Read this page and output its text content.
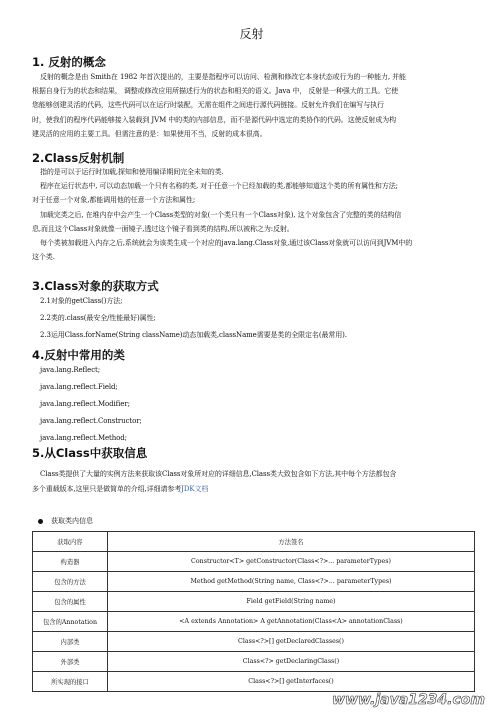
反射
1. 反射的概念
反射的概念是由 Smith在 1982 年首次提出的，主要是指程序可以访问、检测和修改它本身状态或行为的一种能力, 并能
根据自身行为的状态和结果， 调整或修改应用所描述行为的状态和相关的语义。Java 中， 反射是一种强大的工具。它使
您能够创建灵活的代码，这些代码可以在运行时装配，无需在组件之间进行源代码链接。反射允许我们在编写与执行
时，使我们的程序代码能够接入装载到 JVM 中的类的内部信息，而不是源代码中选定的类协作的代码。这使反射成为构
建灵活的应用的主要工具。但需注意的是：如果使用不当，反射的成本很高。
2.Class反射机制
指的是可以于运行时加载,探知和使用编译期间完全未知的类.
程序在运行状态中, 可以动态加载一个只有名称的类, 对于任意一个已经加载的类,都能够知道这个类的所有属性和方法;
对于任意一个对象,都能调用他的任意一个方法和属性;
加载完类之后, 在堆内存中会产生一个Class类型的对象(一个类只有一个Class对象), 这个对象包含了完整的类的结构信
息,而且这个Class对象就像一面镜子,透过这个镜子看到类的结构,所以被称之为:反射。
每个类被加载进入内存之后,系统就会为该类生成一个对应的java.lang.Class对象,通过该Class对象就可以访问到JVM中的
这个类.
3.Class对象的获取方式
2.1对象的getClass()方法;
2.2类的.class(最安全/性能最好)属性;
2.3运用Class.forName(String className)动态加载类,className需要是类的全限定名(最常用).
4.反射中常用的类
java.lang.Reflect;
java.lang.reflect.Field;
java.lang.reflect.Modifier;
java.lang.reflect.Constructor;
java.lang.reflect.Method;
5.从Class中获取信息
Class类提供了大量的实例方法来获取该Class对象所对应的详细信息,Class类大致包含如下方法,其中每个方法都包含
多个重载版本,这里只是做简单的介绍,详细请参考JDK文档
获取类内信息
获取内容	方法签名
构造器	Constructor<T> getConstructor(Class<?>... parameterTypes)
包含的方法	Method getMethod(String name, Class<?>... parameterTypes)
包含的属性	Field getField(String name)
包含的Annotation	<A extends Annotation> A getAnnotation(Class<A> annotationClass)
内部类	Class<?>[] getDeclaredClasses()
外部类	Class<?> getDeclaringClass()
所实现的接口	Class<?>[] getInterfaces()
www.java1234.com
